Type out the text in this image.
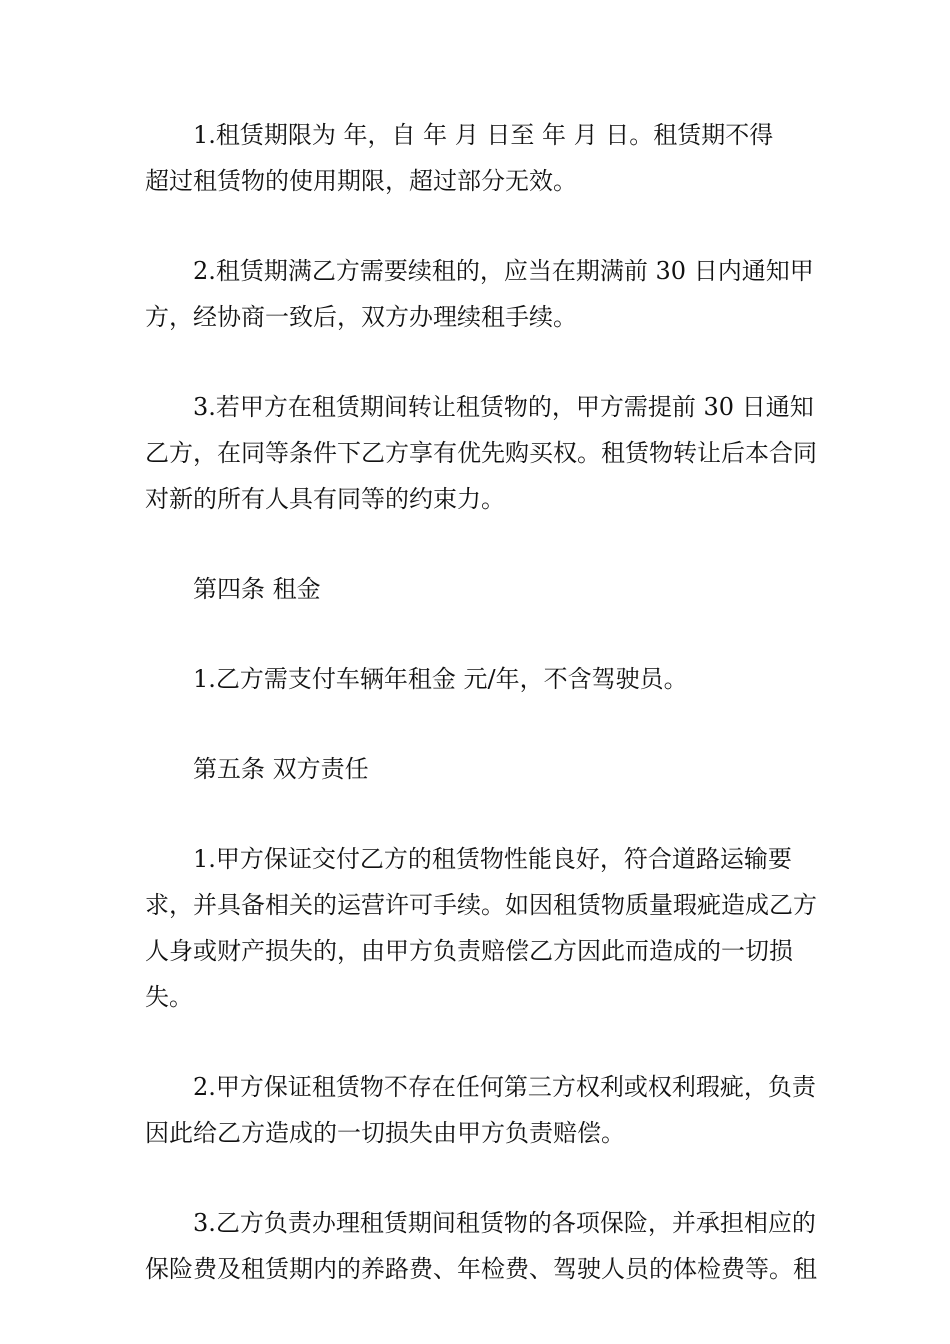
1.租赁期限为 年，自 年 月 日至 年 月 日。租赁期不得
超过租赁物的使用期限，超过部分无效。
2.租赁期满乙方需要续租的，应当在期满前 30 日内通知甲
方，经协商一致后，双方办理续租手续。
3.若甲方在租赁期间转让租赁物的，甲方需提前 30 日通知
乙方，在同等条件下乙方享有优先购买权。租赁物转让后本合同
对新的所有人具有同等的约束力。
第四条 租金
1.乙方需支付车辆年租金 元/年，不含驾驶员。
第五条 双方责任
1.甲方保证交付乙方的租赁物性能良好，符合道路运输要
求，并具备相关的运营许可手续。如因租赁物质量瑕疵造成乙方
人身或财产损失的，由甲方负责赔偿乙方因此而造成的一切损
失。
2.甲方保证租赁物不存在任何第三方权利或权利瑕疵，负责
因此给乙方造成的一切损失由甲方负责赔偿。
3.乙方负责办理租赁期间租赁物的各项保险，并承担相应的
保险费及租赁期内的养路费、年检费、驾驶人员的体检费等。租
